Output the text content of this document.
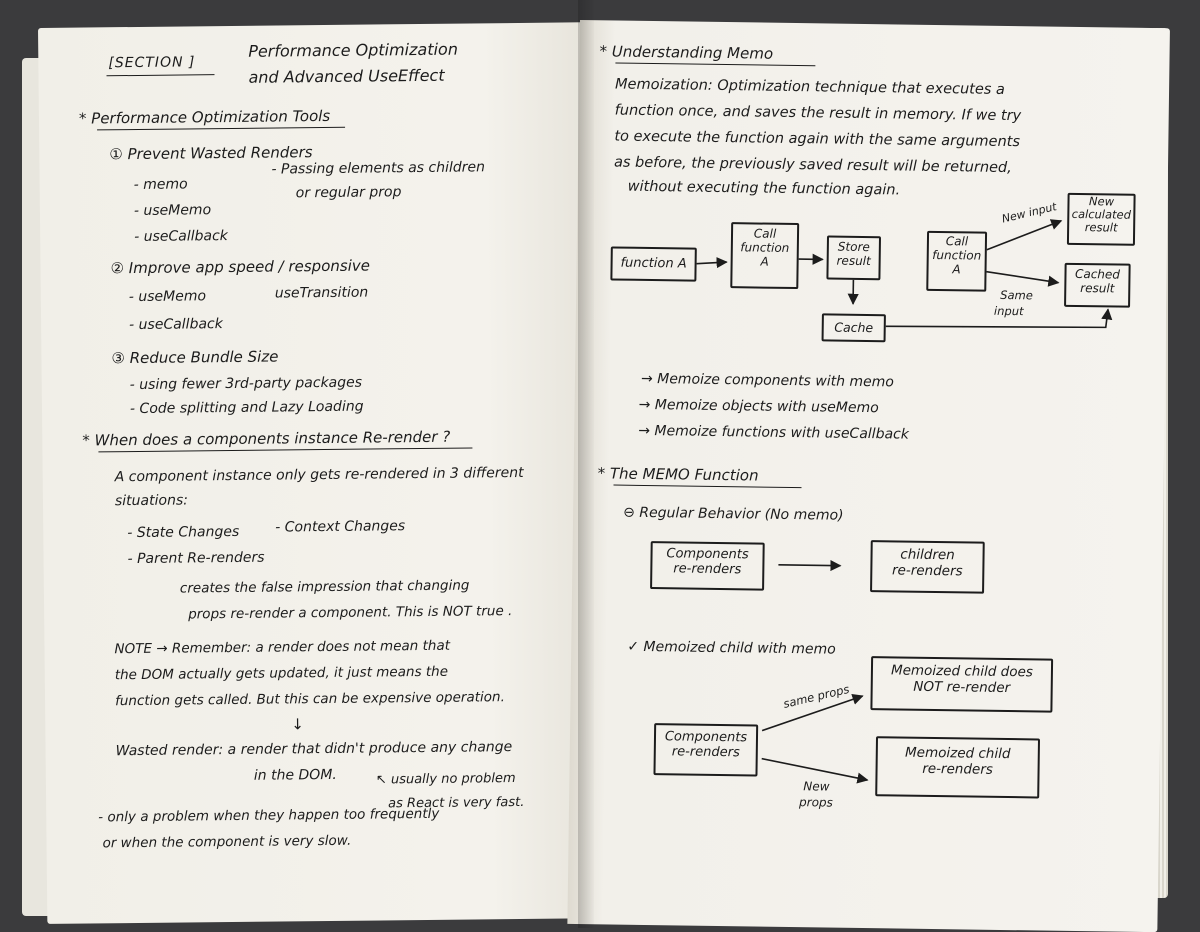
[SECTION ]
Performance Optimization
and Advanced UseEffect
* Performance Optimization Tools
① Prevent Wasted Renders
- memo
- useMemo
- useCallback
- Passing elements as children
or regular prop
② Improve app speed / responsive
- useMemo
- useCallback
useTransition
③ Reduce Bundle Size
- using fewer 3rd-party packages
- Code splitting and Lazy Loading
* When does a components instance Re-render ?
A component instance only gets re-rendered in 3 different
situations:
- State Changes	- Context Changes
- Parent Re-renders
creates the false impression that changing
props re-render a component. This is NOT true .
NOTE → Remember: a render does not mean that
the DOM actually gets updated, it just means the
function gets called. But this can be expensive operation.
↓
Wasted render: a render that didn't produce any change
in the DOM.	↖ usually no problem
as React is very fast.
- only a problem when they happen too frequently
or when the component is very slow.
* Understanding Memo
Memoization: Optimization technique that executes a
function once, and saves the result in memory. If we try
to execute the function again with the same arguments
as before, the previously saved result will be returned,
without executing the function again.
function A
Call
function
A
Store
result
Call
function
A
New input	New
calculated
result
Cached
result
Same
input
Cache
→ Memoize components with memo
→ Memoize objects with useMemo
→ Memoize functions with useCallback
* The MEMO Function
⊖ Regular Behavior (No memo)
Components
re-renders
children
re-renders
✓ Memoized child with memo
Memoized child does
NOT re-render
same props
Components
re-renders	Memoized child
re-renders
New
props
